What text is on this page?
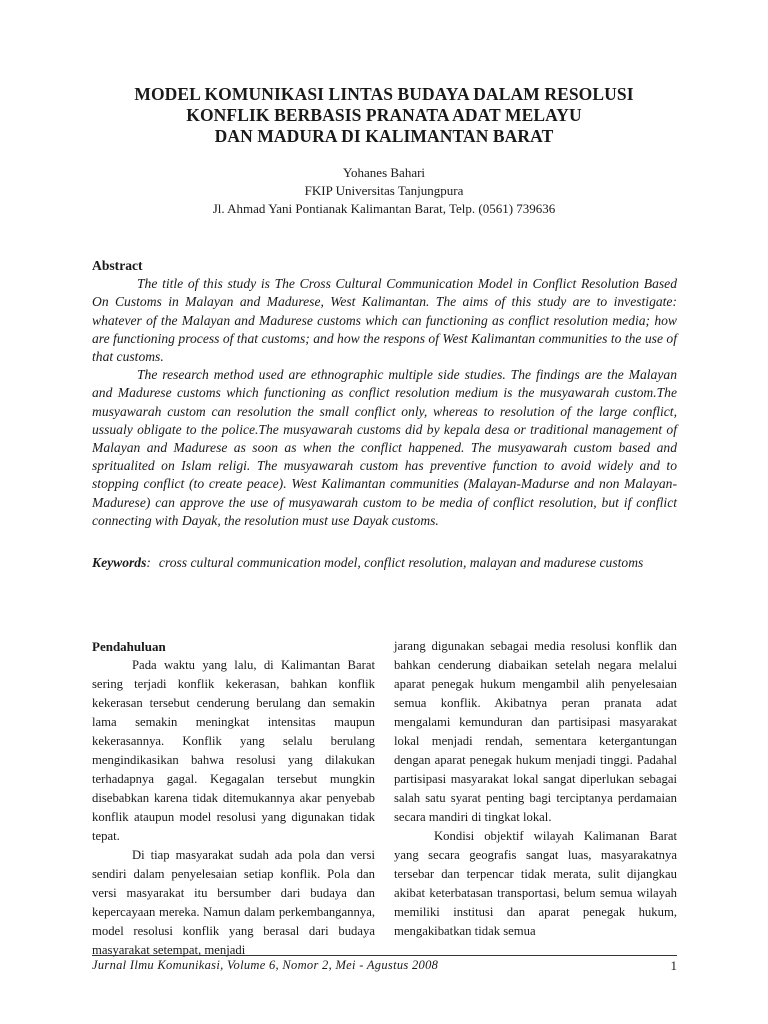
MODEL KOMUNIKASI LINTAS BUDAYA DALAM RESOLUSI
KONFLIK BERBASIS PRANATA ADAT MELAYU
DAN MADURA DI KALIMANTAN BARAT
Yohanes Bahari
FKIP Universitas Tanjungpura
Jl. Ahmad Yani Pontianak Kalimantan Barat, Telp. (0561) 739636
Abstract

The title of this study is The Cross Cultural Communication Model in Conflict Resolution Based On Customs in Malayan and Madurese, West Kalimantan. The aims of this study are to investigate: whatever of the Malayan and Madurese customs which can functioning as conflict resolution media; how are functioning process of that customs; and how the respons of West Kalimantan communities to the use of that customs.

The research method used are ethnographic multiple side studies. The findings are the Malayan and Madurese customs which functioning as conflict resolution medium is the musyawarah custom.The musyawarah custom can resolution the small conflict only, whereas to resolution of the large conflict, ussualy obligate to the police.The musyawarah customs did by kepala desa or traditional management of Malayan and Madurese as soon as when the conflict happened. The musyawarah custom based and spritualited on Islam religi. The musyawarah custom has preventive function to avoid widely and to stopping conflict (to create peace). West Kalimantan communities (Malayan-Madurse and non Malayan-Madurese) can approve the use of musyawarah custom to be media of conflict resolution, but if conflict connecting with Dayak, the resolution must use Dayak customs.

Keywords: cross cultural communication model, conflict resolution, malayan and madurese customs
Pendahuluan

Pada waktu yang lalu, di Kalimantan Barat sering terjadi konflik kekerasan, bahkan konflik kekerasan tersebut cenderung berulang dan semakin lama semakin meningkat intensitas maupun kekerasannya. Konflik yang selalu berulang mengindikasikan bahwa resolusi yang dilakukan terhadapnya gagal. Kegagalan tersebut mungkin disebabkan karena tidak ditemukannya akar penyebab konflik ataupun model resolusi yang digunakan tidak tepat.

Di tiap masyarakat sudah ada pola dan versi sendiri dalam penyelesaian setiap konflik. Pola dan versi masyarakat itu bersumber dari budaya dan kepercayaan mereka. Namun dalam perkembangannya, model resolusi konflik yang berasal dari budaya masyarakat setempat, menjadi

jarang digunakan sebagai media resolusi konflik dan bahkan cenderung diabaikan setelah negara melalui aparat penegak hukum mengambil alih penyelesaian semua konflik. Akibatnya peran pranata adat mengalami kemunduran dan partisipasi masyarakat lokal menjadi rendah, sementara ketergantungan dengan aparat penegak hukum menjadi tinggi. Padahal partisipasi masyarakat lokal sangat diperlukan sebagai salah satu syarat penting bagi terciptanya perdamaian secara mandiri di tingkat lokal.

Kondisi objektif wilayah Kalimanan Barat yang secara geografis sangat luas, masyarakatnya tersebar dan terpencar tidak merata, sulit dijangkau akibat keterbatasan transportasi, belum semua wilayah memiliki institusi dan aparat penegak hukum, mengakibatkan tidak semua

Jurnal Ilmu Komunikasi, Volume 6, Nomor 2, Mei - Agustus 2008	1
